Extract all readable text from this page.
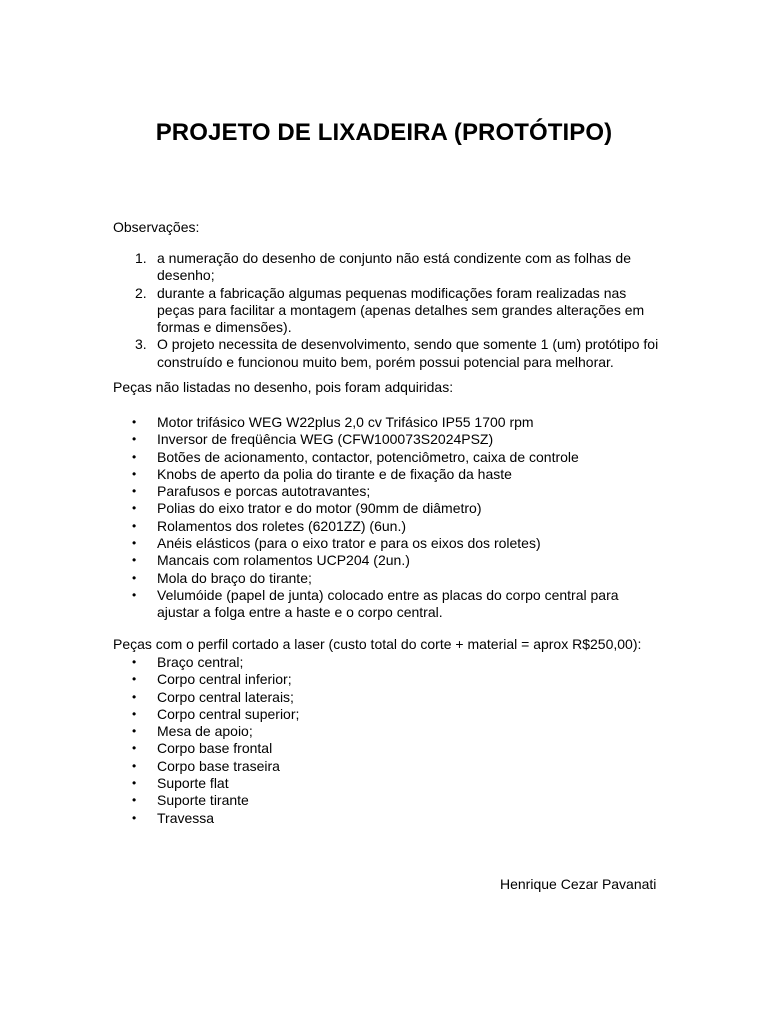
PROJETO DE LIXADEIRA (PROTÓTIPO)
Observações:
1. a numeração do desenho de conjunto não está condizente com as folhas de desenho;
2. durante a fabricação algumas pequenas modificações foram realizadas nas peças para facilitar a montagem (apenas detalhes sem grandes alterações em formas e dimensões).
3. O projeto necessita de desenvolvimento, sendo que somente 1 (um) protótipo foi construído e funcionou muito bem, porém possui potencial para melhorar.
Peças não listadas no desenho, pois foram adquiridas:
• Motor trifásico WEG W22plus 2,0 cv Trifásico IP55 1700 rpm
• Inversor de freqüência WEG (CFW100073S2024PSZ)
• Botões de acionamento, contactor, potenciômetro, caixa de controle
• Knobs de aperto da polia do tirante e de fixação da haste
• Parafusos e porcas autotravantes;
• Polias do eixo trator e do motor (90mm de diâmetro)
• Rolamentos dos roletes (6201ZZ) (6un.)
• Anéis elásticos (para o eixo trator e para os eixos dos roletes)
• Mancais com rolamentos UCP204 (2un.)
• Mola do braço do tirante;
• Velumóide (papel de junta) colocado entre as placas do corpo central para ajustar a folga entre a haste e o corpo central.
Peças com o perfil cortado a laser (custo total do corte + material = aprox R$250,00):
• Braço central;
• Corpo central inferior;
• Corpo central laterais;
• Corpo central superior;
• Mesa de apoio;
• Corpo base frontal
• Corpo base traseira
• Suporte flat
• Suporte tirante
• Travessa
Henrique Cezar Pavanati
